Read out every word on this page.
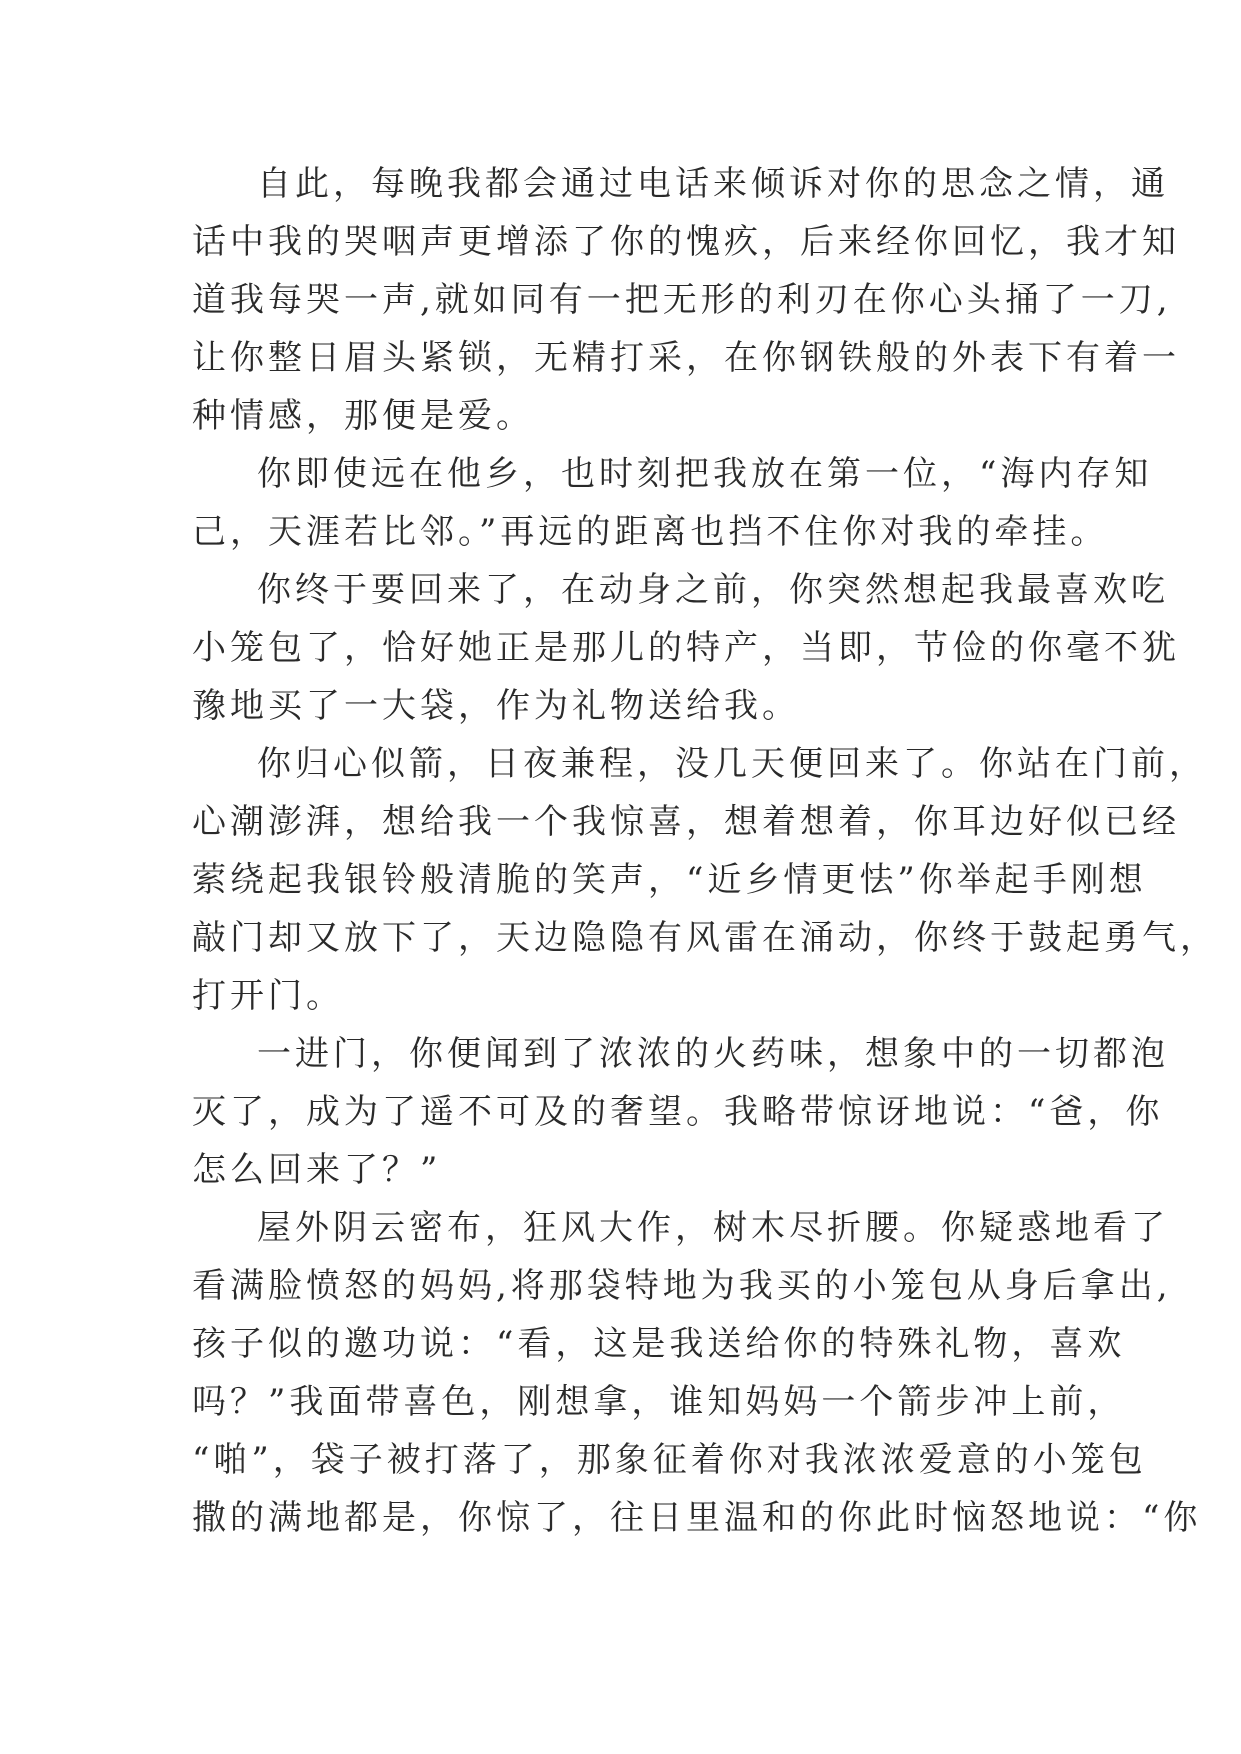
自此，每晚我都会通过电话来倾诉对你的思念之情，通
话中我的哭咽声更增添了你的愧疚，后来经你回忆，我才知
道我每哭一声,就如同有一把无形的利刃在你心头捅了一刀,
让你整日眉头紧锁，无精打采，在你钢铁般的外表下有着一
种情感，那便是爱。
你即使远在他乡，也时刻把我放在第一位，“海内存知
己，天涯若比邻。”再远的距离也挡不住你对我的牵挂。
你终于要回来了，在动身之前，你突然想起我最喜欢吃
小笼包了，恰好她正是那儿的特产，当即，节俭的你毫不犹
豫地买了一大袋，作为礼物送给我。
你归心似箭，日夜兼程，没几天便回来了。你站在门前，
心潮澎湃，想给我一个我惊喜，想着想着，你耳边好似已经
萦绕起我银铃般清脆的笑声，“近乡情更怯”你举起手刚想
敲门却又放下了，天边隐隐有风雷在涌动，你终于鼓起勇气，
打开门。
一进门，你便闻到了浓浓的火药味，想象中的一切都泡
灭了，成为了遥不可及的奢望。我略带惊讶地说：“爸，你
怎么回来了？”
屋外阴云密布，狂风大作，树木尽折腰。你疑惑地看了
看满脸愤怒的妈妈,将那袋特地为我买的小笼包从身后拿出,
孩子似的邀功说：“看，这是我送给你的特殊礼物，喜欢
吗？”我面带喜色，刚想拿，谁知妈妈一个箭步冲上前，
“啪”，袋子被打落了，那象征着你对我浓浓爱意的小笼包
撒的满地都是，你惊了，往日里温和的你此时恼怒地说：“你
